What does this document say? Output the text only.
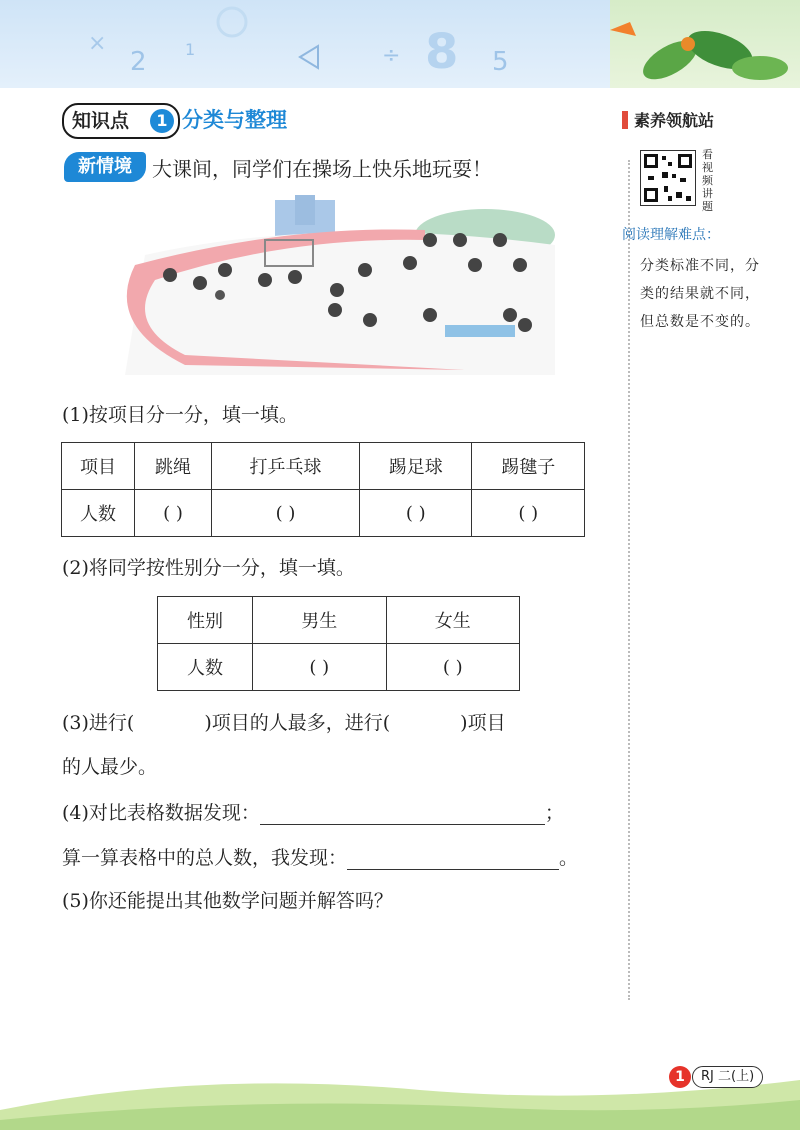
2 1
×	÷ 8 5
知识点	1 分类与整理
新情境	大课间，同学们在操场上快乐地玩耍！
(1)按项目分一分，填一填。
项目	跳绳	打乒乓球	踢足球	踢毽子
人数	( )	( )	( )	( )
(2)将同学按性别分一分，填一填。
性别	男生	女生
人数	( )	( )
(3)进行(	)项目的人最多，进行(	)项目
的人最少。
(4)对比表格数据发现：	；
算一算表格中的总人数，我发现：	。
(5)你还能提出其他数学问题并解答吗？
素养领航站
看视频讲题
阅读理解难点：
分类标准不同，分类的结果就不同，但总数是不变的。
1	RJ 二(上)
